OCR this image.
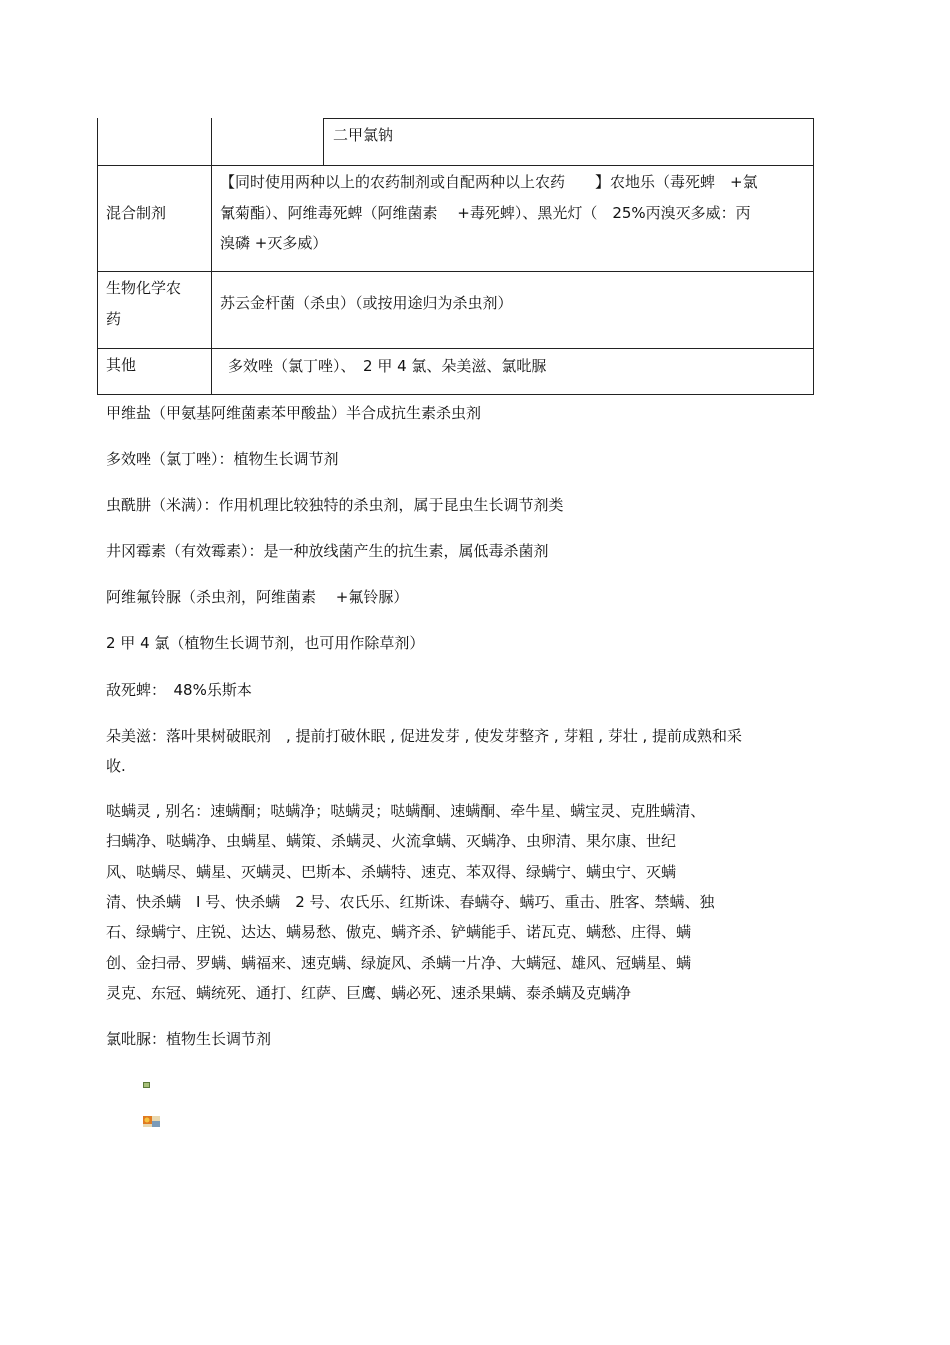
二甲氯钠
混合制剂
【同时使用两种以上的农药制剂或自配两种以上农药　　】农地乐（毒死蜱　+氯
氰菊酯）、阿维毒死蜱（阿维菌素　 +毒死蜱）、黑光灯（　25%丙溴灭多威：丙
溴磷 +灭多威）
生物化学农
药
苏云金杆菌（杀虫）（或按用途归为杀虫剂）
其他	多效唑（氯丁唑）、　2 甲 4 氯、朵美滋、氯吡脲
甲维盐（甲氨基阿维菌素苯甲酸盐）半合成抗生素杀虫剂
多效唑（氯丁唑）：植物生长调节剂
虫酰肼（米满）：作用机理比较独特的杀虫剂，属于昆虫生长调节剂类
井冈霉素（有效霉素）：是一种放线菌产生的抗生素，属低毒杀菌剂
阿维氟铃脲（杀虫剂，阿维菌素　 +氟铃脲）
2 甲 4 氯（植物生长调节剂，也可用作除草剂）
敌死蜱：　48%乐斯本
朵美滋：落叶果树破眠剂　, 提前打破休眠 , 促进发芽 , 使发芽整齐 , 芽粗 , 芽壮 , 提前成熟和采
收.
哒螨灵 , 别名：速螨酮；哒螨净；哒螨灵；哒螨酮、速螨酮、牵牛星、螨宝灵、克胜螨清、
扫螨净、哒螨净、虫螨星、螨策、杀螨灵、火流拿螨、灭螨净、虫卵清、果尔康、世纪
风、哒螨尽、螨星、灭螨灵、巴斯本、杀螨特、速克、苯双得、绿螨宁、螨虫宁、灭螨
清、快杀螨　Ⅰ 号、快杀螨　2 号、农氏乐、红斯诛、春螨夺、螨巧、重击、胜客、禁螨、独
石、绿螨宁、庄锐、达达、螨易愁、傲克、螨齐杀、铲螨能手、诺瓦克、螨愁、庄得、螨
创、金扫帚、罗螨、螨福来、速克螨、绿旋风、杀螨一片净、大螨冠、雄风、冠螨星、螨
灵克、东冠、螨统死、通打、红萨、巨鹰、螨必死、速杀果螨、泰杀螨及克螨净
氯吡脲：植物生长调节剂
